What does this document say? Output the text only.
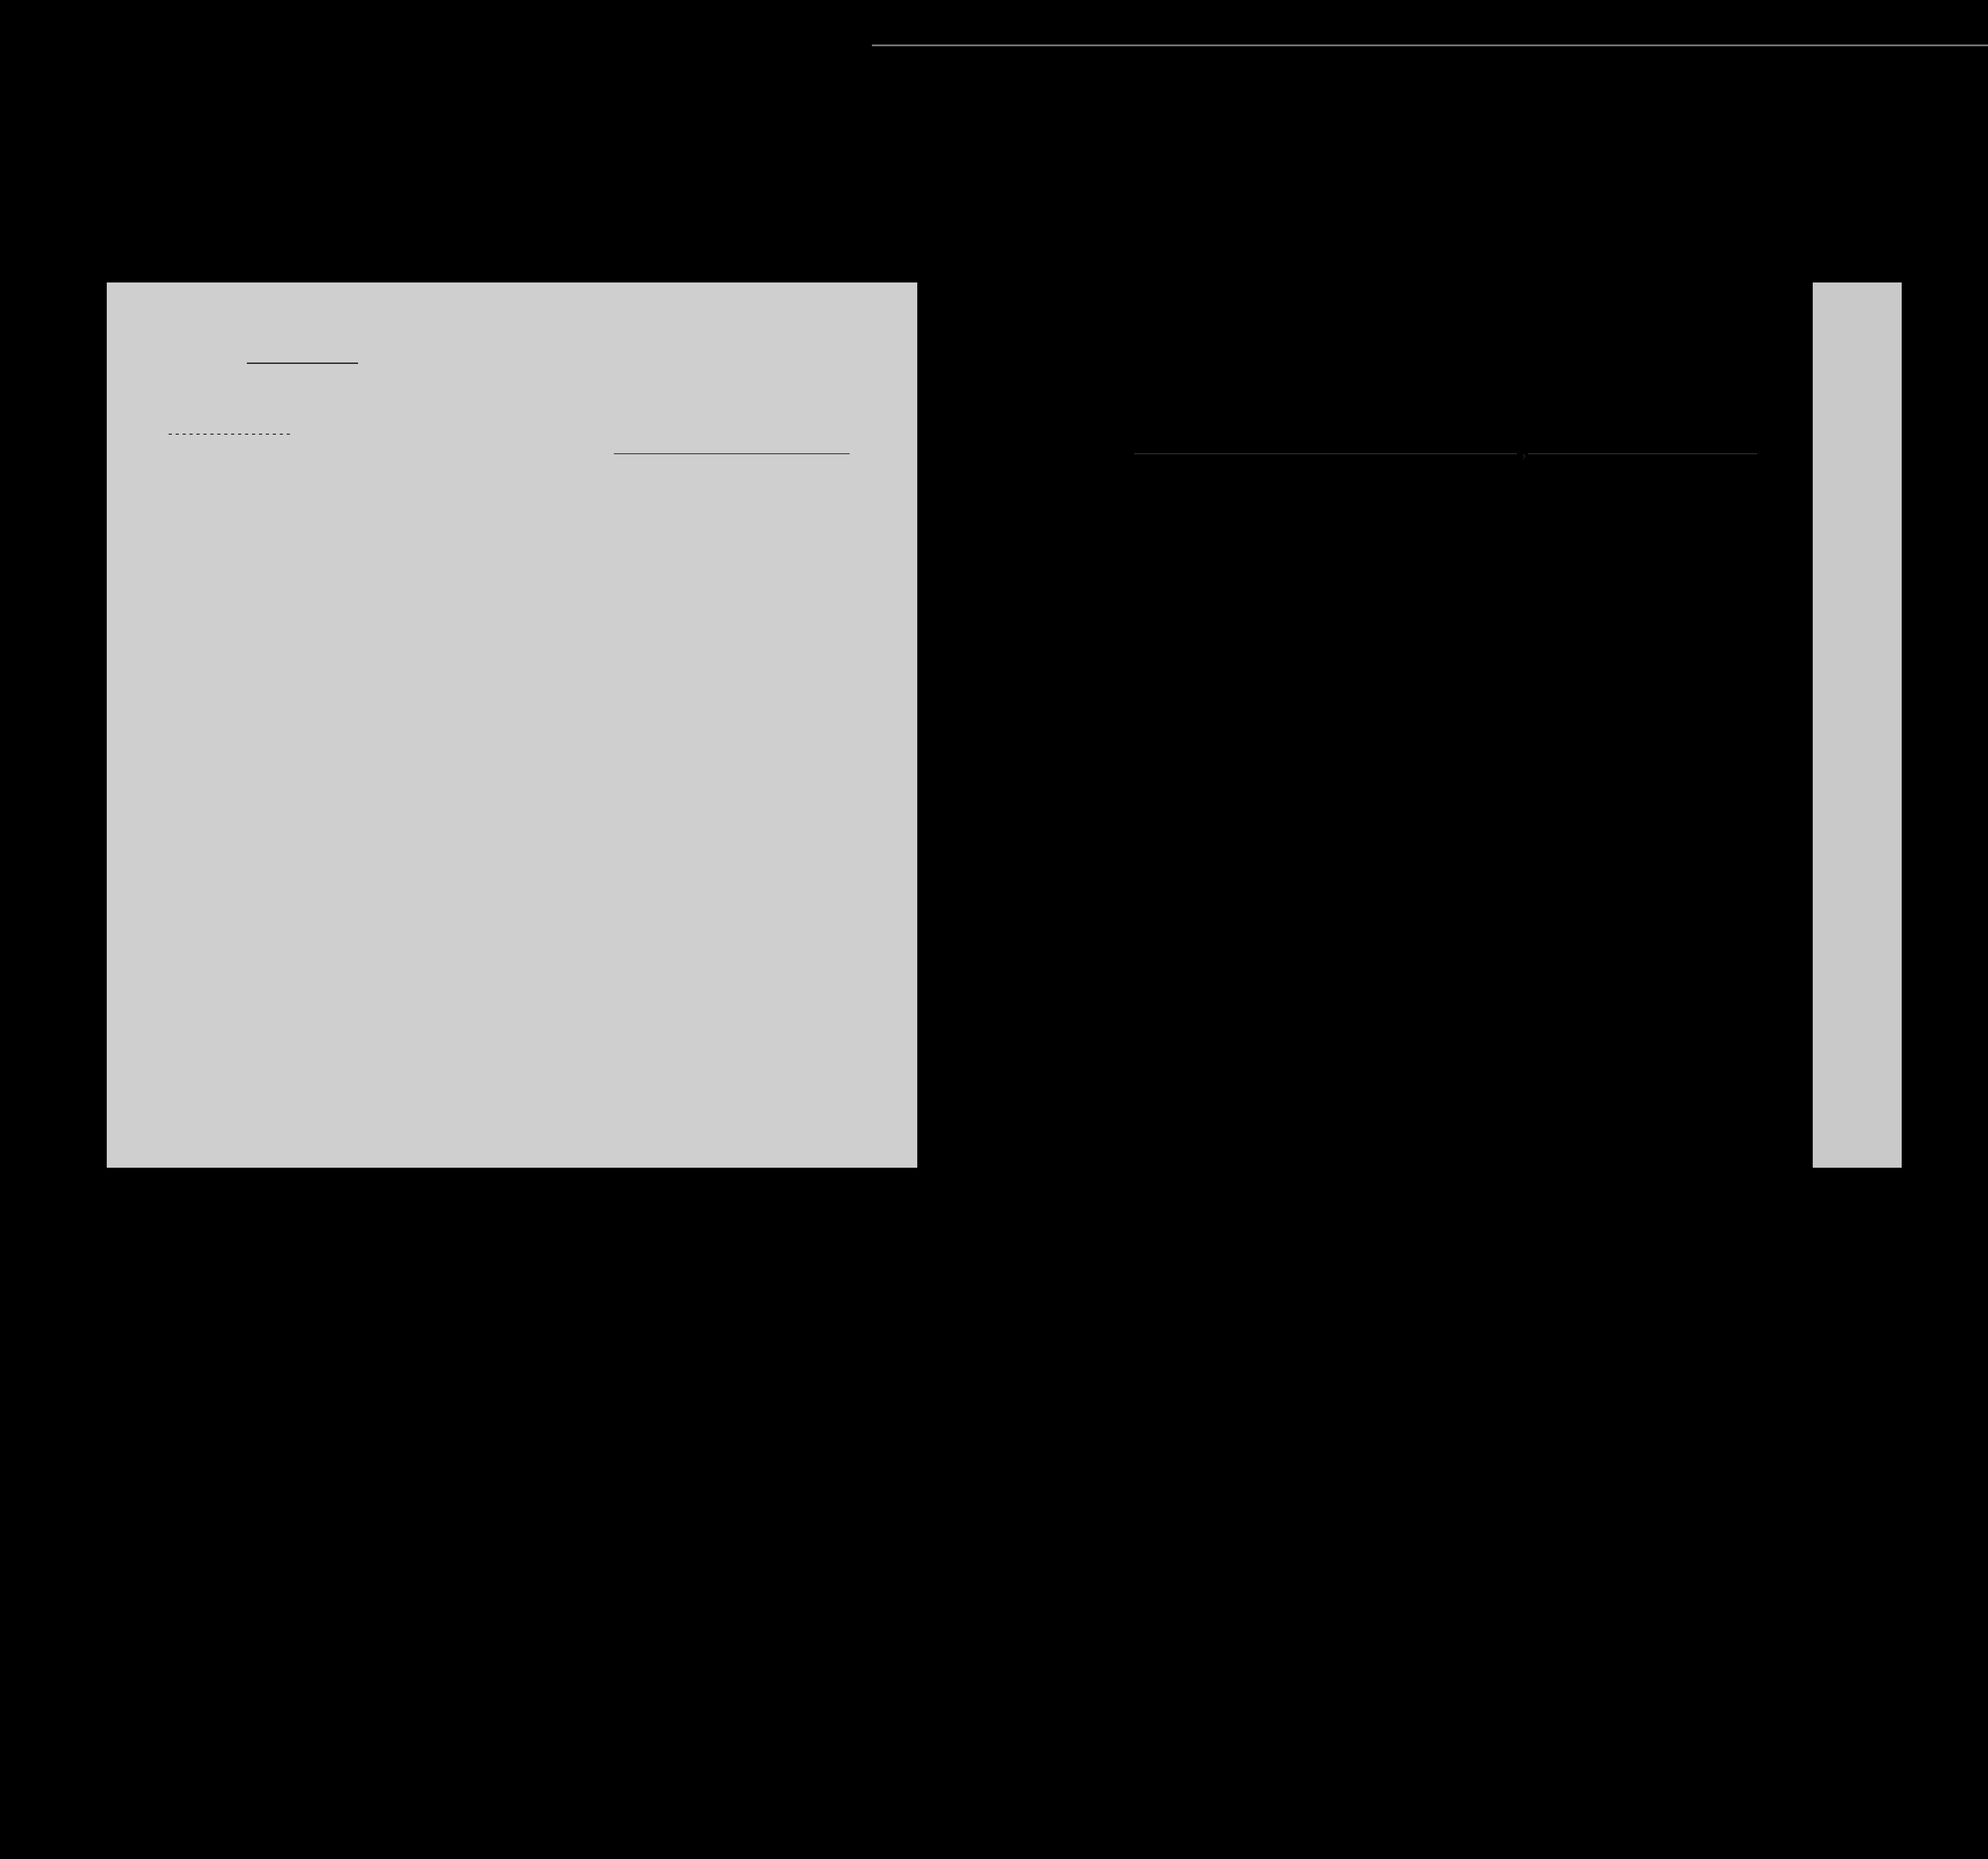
------------------
,
